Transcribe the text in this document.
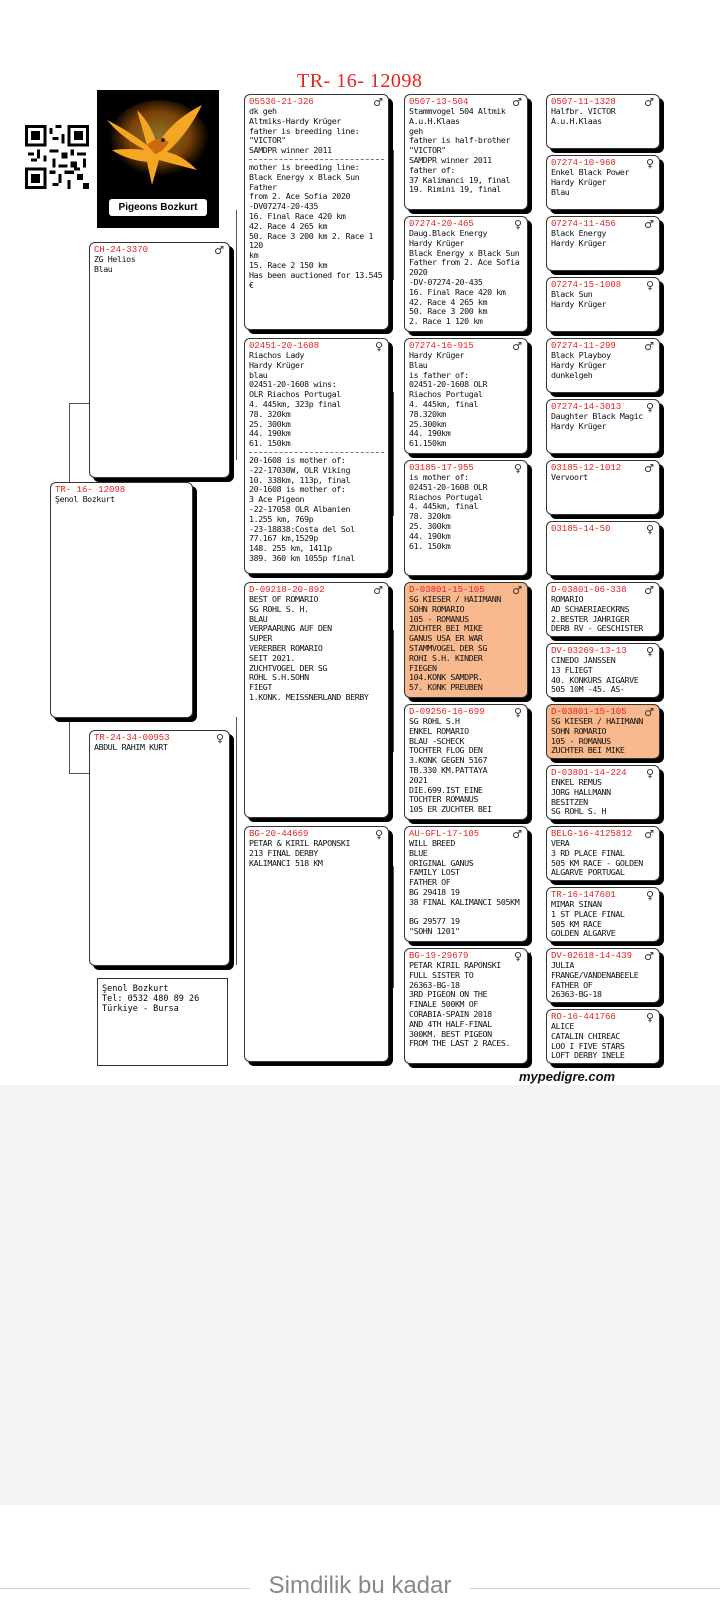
TR- 16- 12098
Pigeons Bozkurt
TR- 16- 12098
Şenol Bozkurt
CH-24-3370	♂
ZG Helios
Blau
TR-24-34-00953	♀
ABDUL RAHIM KURT
05536-21-326	♂
dk geh
Altmiks-Hardy Krüger
father is breeding line:
"VICTOR"
SAMDPR winner 2011
mother is breeding line:
Black Energy x Black Sun Father
from 2. Ace Sofia 2020
-DV07274-20-435
16. Final Race 420 km
42. Race 4 265 km
50. Race 3 200 km 2. Race 1 120
km
15. Race 2 150 km
Has been auctioned for 13.545 €
02451-20-1608	♀
Riachos Lady
Hardy Krüger
blau
02451-20-1608 wins:
OLR Riachos Portugal
4. 445km, 323p final
78. 320km
25. 300km
44. 190km
61. 150km
20-1608 is mother of:
-22-17030W, OLR Viking
10. 338km, 113p, final
20-1608 is mother of:
3 Ace Pigeon
-22-17058 OLR Albanien
1.255 km, 769p
-23-18838:Costa del Sol
77.167 km,1529p
148. 255 km, 1411p
389. 360 km 1055p final
D-09218-20-892	♂
BEST OF ROMARIO
SG ROHL S. H.
BLAU
VERPAARUNG AUF DEN
SUPER
VERERBER ROMARIO
SEIT 2021.
ZUCHTVOGEL DER SG
ROHL S.H.SOHN
FIEGT
1.KONK. MEISSNERLAND BERBY
BG-20-44669	♀
PETAR & KIRIL RAPONSKI
213 FINAL DERBY
KALIMANCI 518 KM
0507-13-504	♂
Stammvogel 504 Altmik
A.u.H.Klaas
geh
father is half-brother
"VICTOR"
SAMDPR winner 2011
father of:
37 Kalimanci 19, final
19. Rimini 19, final
07274-20-465	♀
Daug.Black Energy
Hardy Krüger
Black Energy x Black Sun
Father from 2. Ace Sofia
2020
-DV-07274-20-435
16. Final Race 420 km
42. Race 4 265 km
50. Race 3 200 km
2. Race 1 120 km
07274-16-915	♂
Hardy Krüger
Blau
is father of:
02451-20-1608 OLR
Riachos Portugal
4. 445km, final
78.320km
25.300km
44. 190km
61.150km
03185-17-955	♀
is mother of:
02451-20-1608 OLR
Riachos Portugal
4. 445km, final
78. 320km
25. 300km
44. 190km
61. 150km
D-03801-15-105	♂
SG KIESER / HAIIMANN
SOHN ROMARIO
105 - ROMANUS
ZUCHTER BEI MIKE
GANUS USA ER WAR
STAMMVOGEL DER SG
ROHI S.H. KINDER
FIEGEN
104.KONK SAMDPR.
57. KONK PREUBEN
D-09256-16-699	♀
SG ROHL S.H
ENKEL ROMARIO
BLAU -SCHECK
TOCHTER FLOG DEN
3.KONK GEGEN 5167
TB.330 KM.PATTAYA
2021
DIE.699.IST EINE
TOCHTER ROMANUS
105 ER ZUCHTER BEI
AU-GFL-17-105	♂
WILL BREED
BLUE
ORIGINAL GANUS
FAMILY LOST
FATHER OF
BG 29418 19
38 FINAL KALIMANCI 505KM

BG 29577 19
"SOHN 1201"
BG-19-29679	♀
PETAR KIRIL RAPONSKI
FULL SISTER TO
26363-BG-18
3RD PIGEON ON THE
FINALE 500KM OF
CORABIA-SPAIN 2018
AND 4TH HALF-FINAL
300KM. BEST PIGEON
FROM THE LAST 2 RACES.
0507-11-1328	♂
Halfbr. VICTOR
A.u.H.Klaas
07274-10-968	♀
Enkel Black Power
Hardy Krüger
Blau
07274-11-456	♂
Black Energy
Hardy Krüger
07274-15-1008	♀
Black Sun
Hardy Krüger
07274-11-299	♂
Black Playboy
Hardy Krüger
dunkelgeh
07274-14-3013	♀
Daughter Black Magic
Hardy Krüger
03185-12-1012	♂
Vervoort
03185-14-50	♀
D-03801-06-338	♂
ROMARIO
AD SCHAERIAECKRNS
2.BESTER JAHRIGER
DERB RV - GESCHISTER
DV-03269-13-13	♀
CINEDO JANSSEN
13 FLIEGT
40. KONKURS AIGARVE
505 10M -45. AS-
D-03801-15-105	♂
SG KIESER / HAIIMANN
SOHN ROMARIO
105 - ROMANUS
ZUCHTER BEI MIKE
D-03801-14-224	♀
ENKEL REMUS
JORG HALLMANN
BESITZEN
SG ROHL S. H
BELG-16-4125812	♂
VERA
3 RD PLACE FINAL
505 KM RACE - GOLDEN
ALGARVE PORTUGAL
TR-16-147601	♀
MIMAR SINAN
1 ST PLACE FINAL
505 KM RACE
GOLDEN ALGARVE
DV-02618-14-439	♂
JULIA
FRANGE/VANDENABEELE
FATHER OF
26363-BG-18
RO-16-441766	♀
ALICE
CATALIN CHIREAC
LOO I FIVE STARS
LOFT DERBY INELE
Şenol Bozkurt
Tel: 0532 480 89 26
Türkiye - Bursa
mypedigre.com
Simdilik bu kadar
